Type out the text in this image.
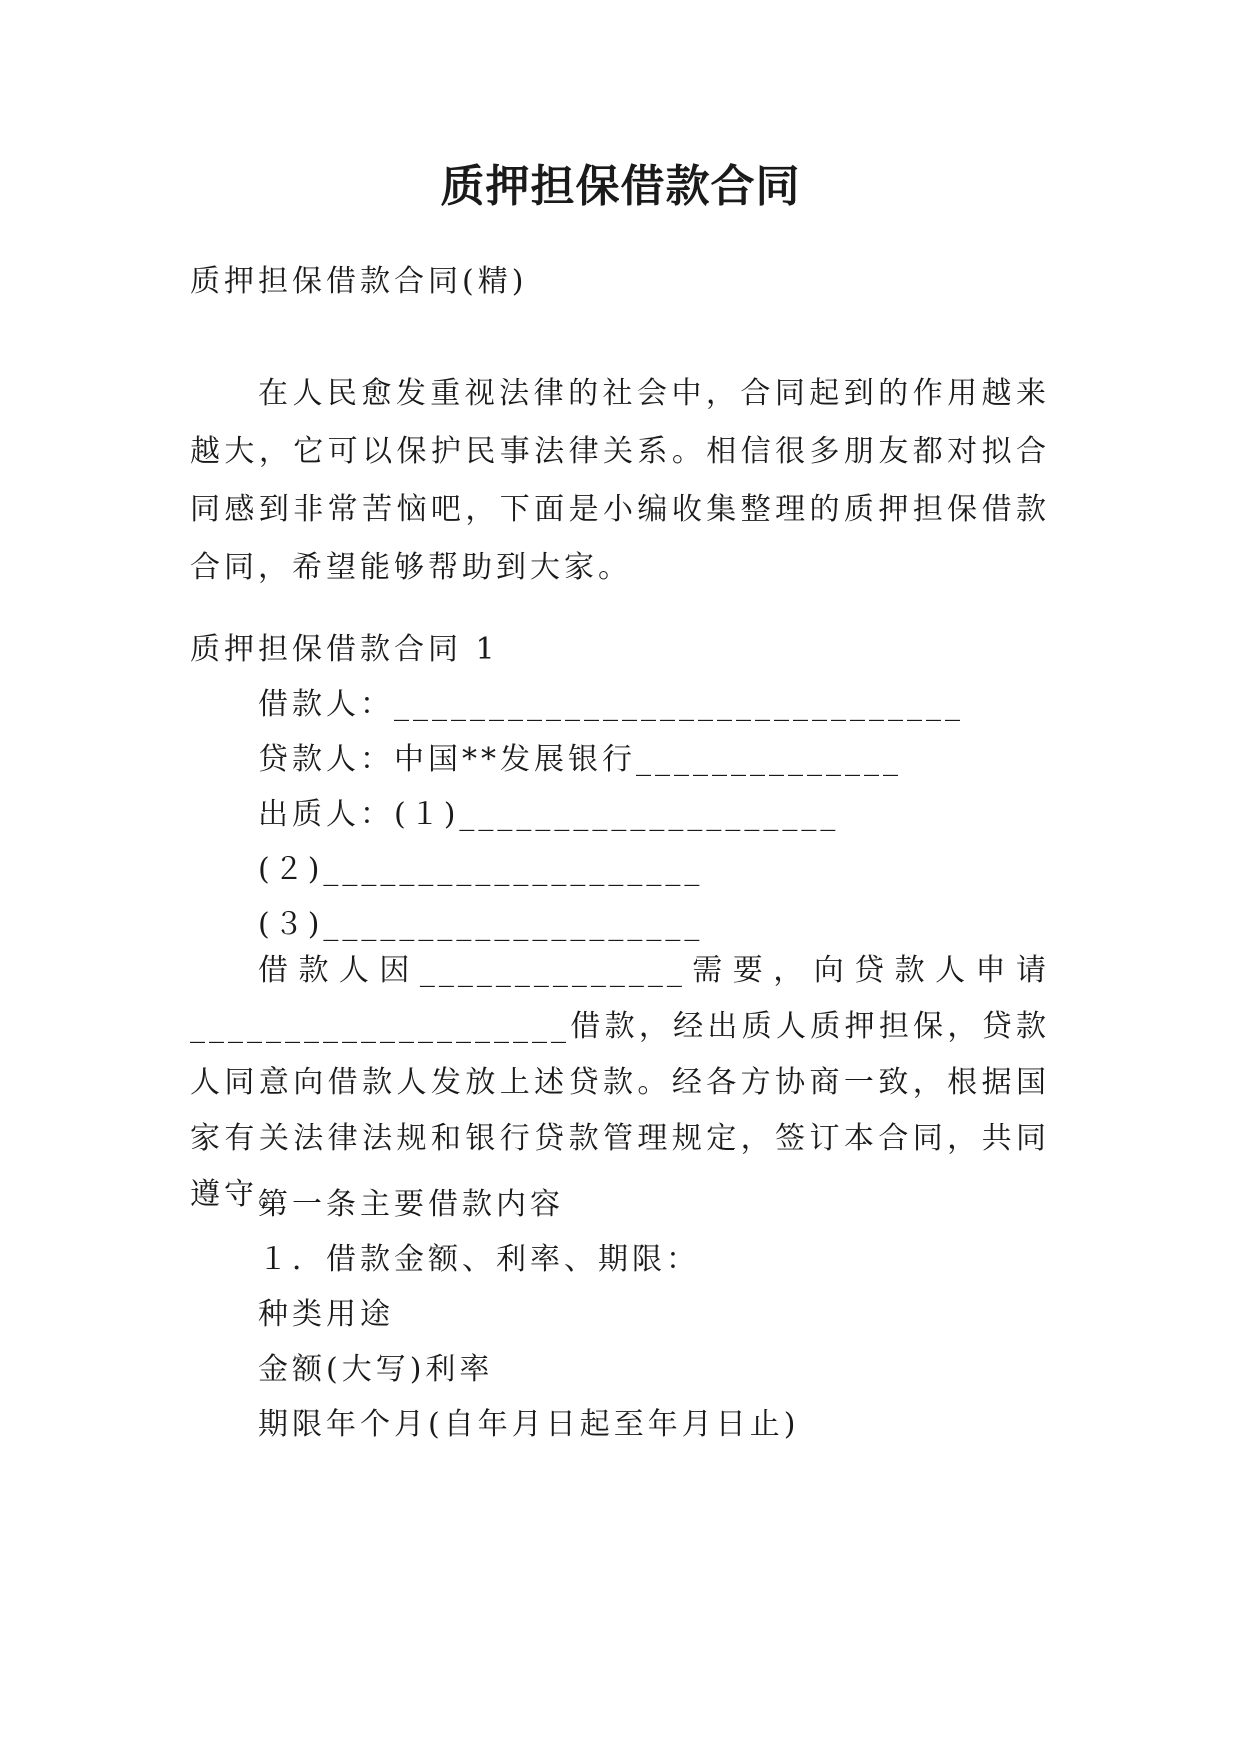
质押担保借款合同
质押担保借款合同(精)
在人民愈发重视法律的社会中，合同起到的作用越来越大，它可以保护民事法律关系。相信很多朋友都对拟合同感到非常苦恼吧，下面是小编收集整理的质押担保借款合同，希望能够帮助到大家。
质押担保借款合同 1
借款人：______________________________
贷款人：中国**发展银行______________
出质人：(１)____________________
(２)____________________
(３)____________________
借款人因______________需要，向贷款人申请____________________借款，经出质人质押担保，贷款人同意向借款人发放上述贷款。经各方协商一致，根据国家有关法律法规和银行贷款管理规定，签订本合同，共同遵守。
第一条主要借款内容
１．借款金额、利率、期限：
种类用途
金额(大写)利率
期限年个月(自年月日起至年月日止)
